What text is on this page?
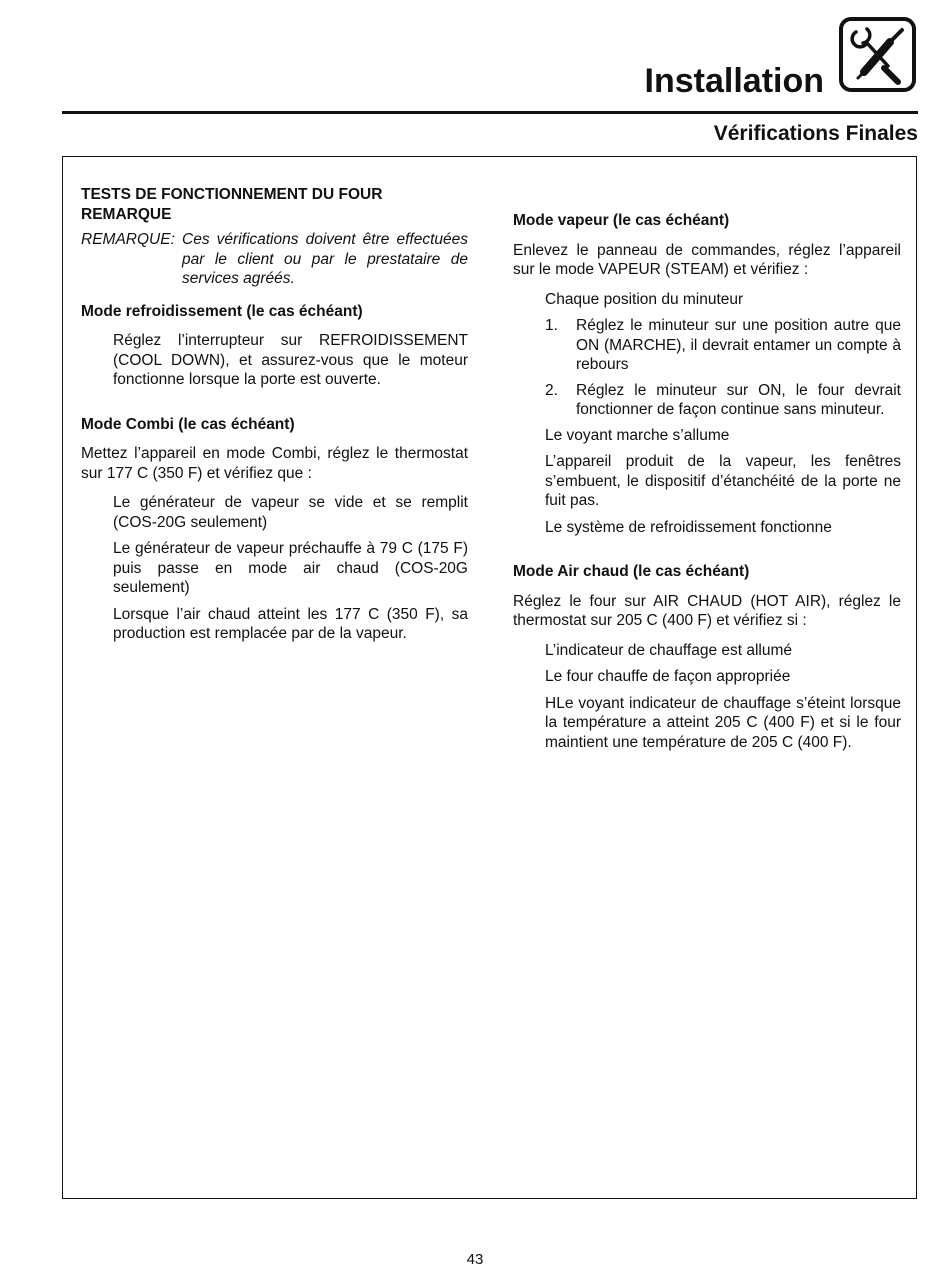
Installation
Vérifications Finales
TESTS DE FONCTIONNEMENT DU FOUR REMARQUE
REMARQUE: Ces vérifications doivent être effectuées par le client ou par le prestataire de services agréés.
Mode refroidissement (le cas échéant)
Réglez l’interrupteur sur REFROIDISSEMENT (COOL DOWN), et assurez-vous que le moteur fonctionne lorsque la porte est ouverte.
Mode Combi (le cas échéant)
Mettez l’appareil en mode Combi, réglez le thermostat sur 177 C (350 F) et vérifiez que :
Le générateur de vapeur se vide et se remplit (COS-20G seulement)
Le générateur de vapeur préchauffe à 79 C (175 F) puis passe en mode air chaud (COS-20G seulement)
Lorsque l’air chaud atteint les 177 C (350 F), sa production est remplacée par de la vapeur.
Mode vapeur (le cas échéant)
Enlevez le panneau de commandes, réglez l’appareil sur le mode VAPEUR (STEAM) et vérifiez :
Chaque position du minuteur
1. Réglez le minuteur sur une position autre que ON (MARCHE), il devrait entamer un compte à rebours
2. Réglez le minuteur sur ON, le four devrait fonctionner de façon continue sans minuteur.
Le voyant marche s’allume
L’appareil produit de la vapeur, les fenêtres s’embuent, le dispositif d’étanchéité de la porte ne fuit pas.
Le système de refroidissement fonctionne
Mode Air chaud (le cas échéant)
Réglez le four sur AIR CHAUD (HOT AIR), réglez le thermostat sur 205 C (400 F) et vérifiez si :
L’indicateur de chauffage est allumé
Le four chauffe de façon appropriée
HLe voyant indicateur de chauffage s’éteint lorsque la température a atteint 205 C (400 F) et si le four maintient une température de 205 C (400 F).
43
